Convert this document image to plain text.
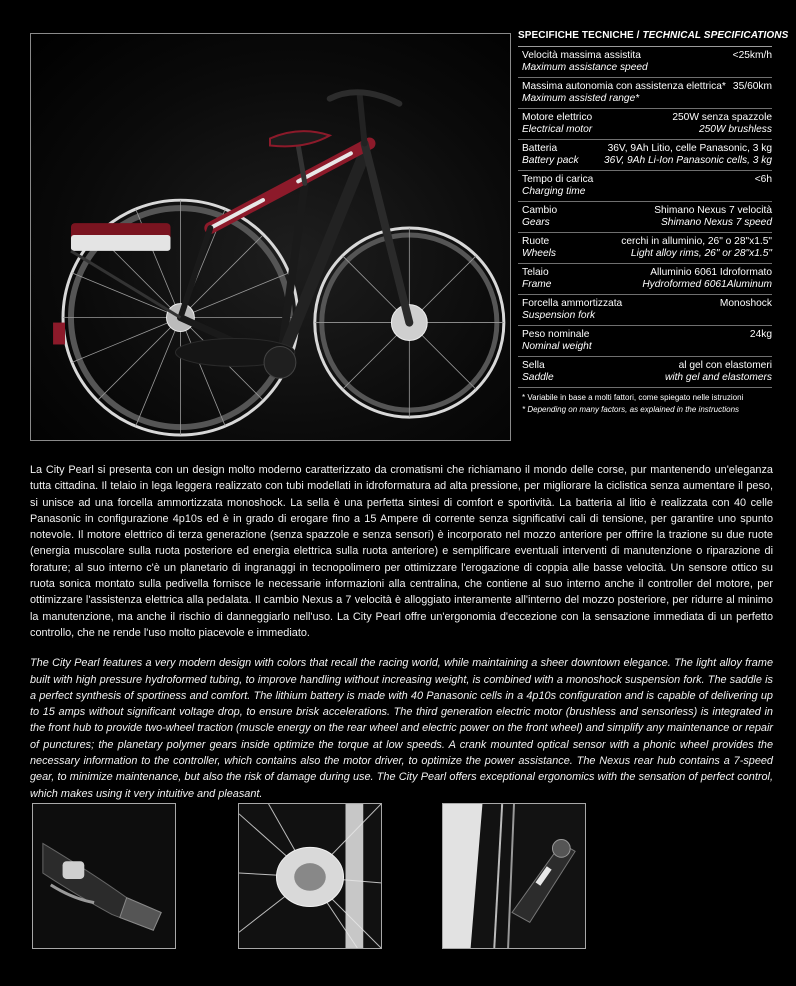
SPECIFICHE TECNICHE / TECHNICAL SPECIFICATIONS
Velocità massima assistita
Maximum assistance speed
<25km/h
Massima autonomia con assistenza elettrica*
Maximum assisted range*
35/60km
Motore elettrico
Electrical motor
250W senza spazzole
250W brushless
Batteria
Battery pack
36V, 9Ah Litio, celle Panasonic, 3 kg
36V, 9Ah Li-Ion Panasonic cells, 3 kg
Tempo di carica
Charging time
<6h
Cambio
Gears
Shimano Nexus 7 velocità
Shimano Nexus 7 speed
Ruote
Wheels
cerchi in alluminio, 26" o 28"x1.5"
Light alloy rims, 26" or 28"x1.5"
Telaio
Frame
Alluminio 6061 Idroformato
Hydroformed 6061Aluminum
Forcella ammortizzata
Suspension fork
Monoshock
Peso nominale
Nominal weight
24kg
Sella
Saddle
al gel con elastomeri
with gel and elastomers
* Variabile in base a molti fattori, come spiegato nelle istruzioni
* Depending on many factors, as explained in the instructions

La City Pearl si presenta con un design molto moderno caratterizzato da cromatismi che richiamano il mondo delle corse, pur mantenendo un'eleganza tutta cittadina. Il telaio in lega leggera realizzato con tubi modellati in idroformatura ad alta pressione, per migliorare la ciclistica senza aumentare il peso, si unisce ad una forcella ammortizzata monoshock. La sella è una perfetta sintesi di comfort e sportività. La batteria al litio è realizzata con 40 celle Panasonic in configurazione 4p10s ed è in grado di erogare fino a 15 Ampere di corrente senza significativi cali di tensione, per garantire uno spunto notevole. Il motore elettrico di terza generazione (senza spazzole e senza sensori) è incorporato nel mozzo anteriore per offrire la trazione su due ruote (energia muscolare sulla ruota posteriore ed energia elettrica sulla ruota anteriore) e semplificare eventuali interventi di manutenzione o riparazione di forature; al suo interno c'è un planetario di ingranaggi in tecnopolimero per ottimizzare l'erogazione di coppia alle basse velocità. Un sensore ottico su ruota sonica montato sulla pedivella fornisce le necessarie informazioni alla centralina, che contiene al suo interno anche il controller del motore, per ottimizzare l'assistenza elettrica alla pedalata. Il cambio Nexus a 7 velocità è alloggiato interamente all'interno del mozzo posteriore, per ridurre al minimo la manutenzione, ma anche il rischio di danneggiarlo nell'uso. La City Pearl offre un'ergonomia d'eccezione con la sensazione immediata di un perfetto controllo, che ne rende l'uso molto piacevole e immediato.

The City Pearl features a very modern design with colors that recall the racing world, while maintaining a sheer downtown elegance. The light alloy frame built with high pressure hydroformed tubing, to improve handling without increasing weight, is combined with a monoshock suspension fork. The saddle is a perfect synthesis of sportiness and comfort. The lithium battery is made with 40 Panasonic cells in a 4p10s configuration and is capable of delivering up to 15 amps without significant voltage drop, to ensure brisk accelerations. The third generation electric motor (brushless and sensorless) is integrated in the front hub to provide two-wheel traction (muscle energy on the rear wheel and electric power on the front wheel) and simplify any maintenance or repair of punctures; the planetary polymer gears inside optimize the torque at low speeds. A crank mounted optical sensor with a phonic wheel provides the necessary information to the controller, which contains also the motor driver, to optimize the power assistance. The Nexus rear hub contains a 7-speed gear, to minimize maintenance, but also the risk of damage during use. The City Pearl offers exceptional ergonomics with the sensation of perfect control, which makes using it very intuitive and pleasant.
